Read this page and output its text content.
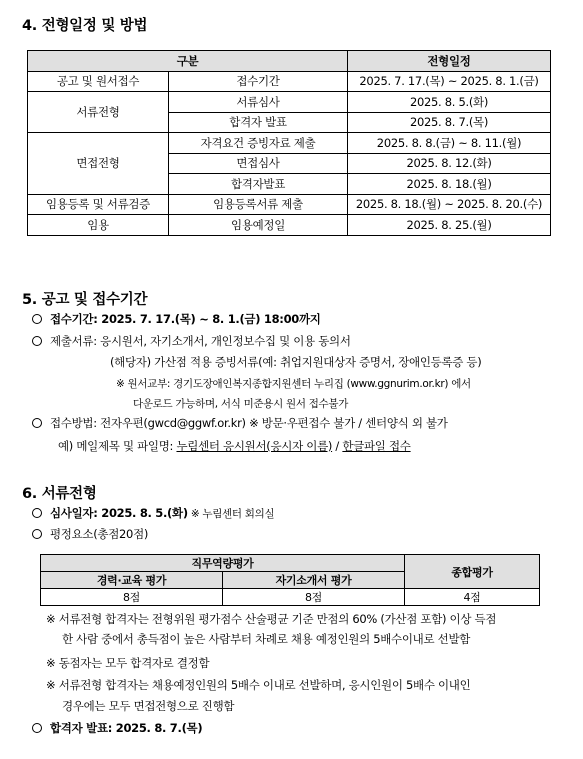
4. 전형일정 및 방법
구분		전형일정
공고 및 원서접수	접수기간	2025. 7. 17.(목) ~ 2025. 8. 1.(금)
서류전형	서류심사	2025. 8. 5.(화)
	합격자 발표	2025. 8. 7.(목)
면접전형	자격요건 증빙자료 제출	2025. 8. 8.(금) ~ 8. 11.(월)
	면접심사	2025. 8. 12.(화)
	합격자발표	2025. 8. 18.(월)
임용등록 및 서류검증	임용등록서류 제출	2025. 8. 18.(월) ~ 2025. 8. 20.(수)
임용	임용예정일	2025. 8. 25.(월)
5. 공고 및 접수기간
접수기간: 2025. 7. 17.(목) ~ 8. 1.(금) 18:00까지
제출서류: 응시원서, 자기소개서, 개인정보수집 및 이용 동의서
(해당자) 가산점 적용 증빙서류(예: 취업지원대상자 증명서, 장애인등록증 등)
※ 원서교부: 경기도장애인복지종합지원센터 누리집 (www.ggnurim.or.kr) 에서
다운로드 가능하며, 서식 미준용시 원서 접수불가
접수방법: 전자우편(gwcd@ggwf.or.kr) ※ 방문·우편접수 불가 / 센터양식 외 불가
예) 메일제목 및 파일명: 누림센터 응시원서(응시자 이름) / 한글파일 접수
6. 서류전형
심사일자: 2025. 8. 5.(화) ※ 누림센터 회의실
평정요소(총점20점)
직무역량평가		종합평가
경력·교육 평가	자기소개서 평가	
8점	8점	4점
※ 서류전형 합격자는 전형위원 평가점수 산술평균 기준 만점의 60% (가산점 포함) 이상 득점
한 사람 중에서 총득점이 높은 사람부터 차례로 채용 예정인원의 5배수이내로 선발함
※ 동점자는 모두 합격자로 결정함
※ 서류전형 합격자는 채용예정인원의 5배수 이내로 선발하며, 응시인원이 5배수 이내인
경우에는 모두 면접전형으로 진행함
합격자 발표: 2025. 8. 7.(목)
